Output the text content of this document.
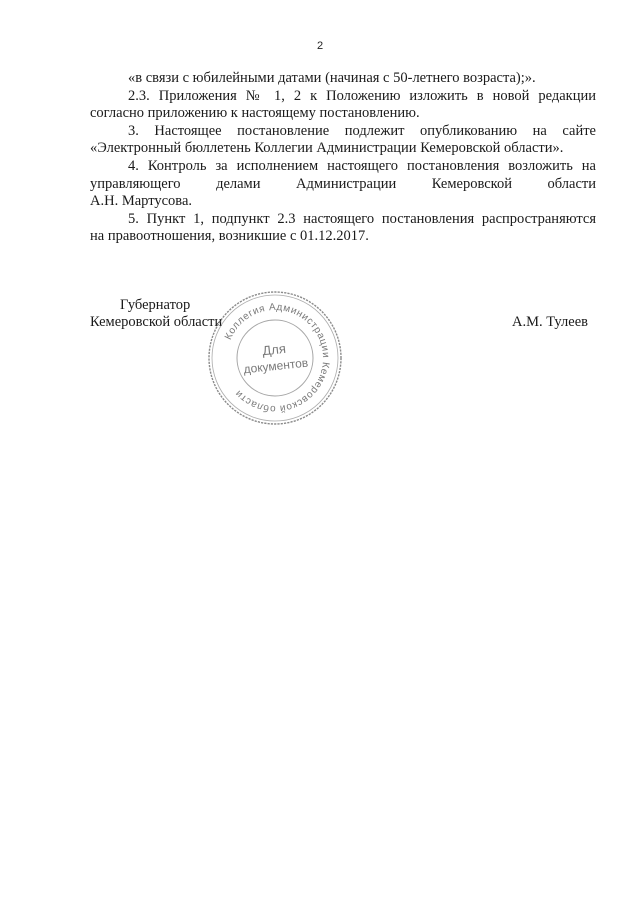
2

«в связи с юбилейными датами (начиная с 50-летнего возраста);».

2.3. Приложения № 1, 2 к Положению изложить в новой редакции
согласно приложению к настоящему постановлению.

3. Настоящее постановление подлежит опубликованию на сайте
«Электронный бюллетень Коллегии Администрации Кемеровской области».

4. Контроль за исполнением настоящего постановления возложить на
управляющего делами Администрации Кемеровской области
А.Н. Мартусова.

5. Пункт 1, подпункт 2.3 настоящего постановления распространяются
на правоотношения, возникшие с 01.12.2017.

Губернатор
Кемеровской области	А.М. Тулеев
Коллегия Администрации Кемеровской области
Для
документов
